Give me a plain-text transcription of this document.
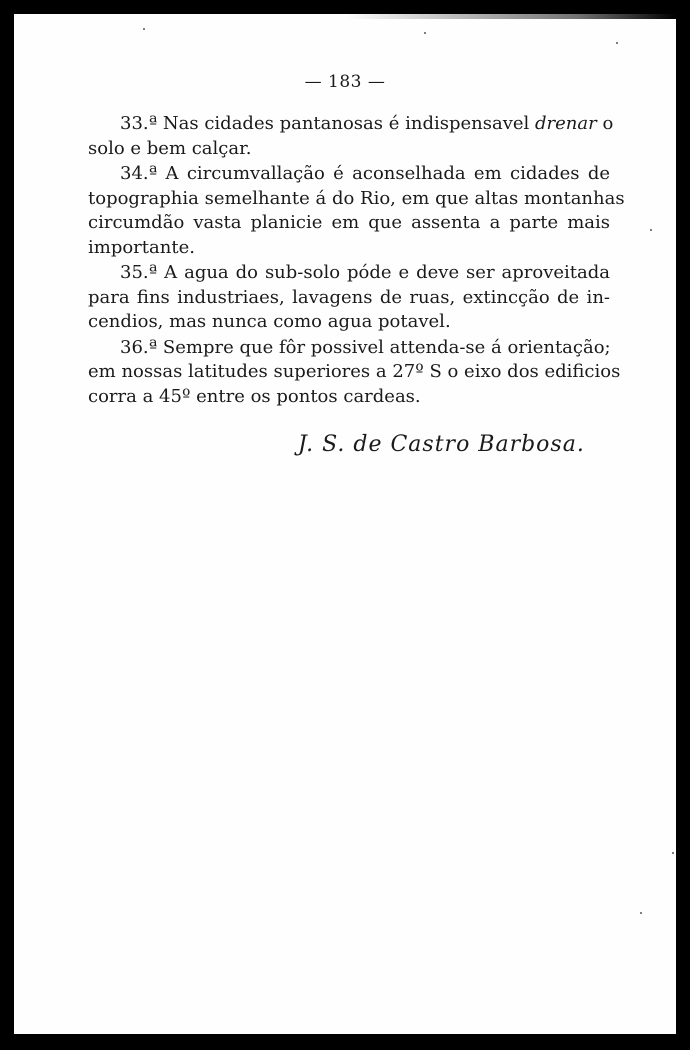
— 183 —

33.ª Nas cidades pantanosas é indispensavel drenar o
solo e bem calçar.

34.ª A circumvallação é aconselhada em cidades de
topographia semelhante á do Rio, em que altas montanhas
circumdão vasta planicie em que assenta a parte mais
importante.

35.ª A agua do sub-solo póde e deve ser aproveitada
para fins industriaes, lavagens de ruas, extincção de in-
cendios, mas nunca como agua potavel.

36.ª Sempre que fôr possivel attenda-se á orientação;
em nossas latitudes superiores a 27º S o eixo dos edificios
corra a 45º entre os pontos cardeas.

J. S. de Castro Barbosa.
